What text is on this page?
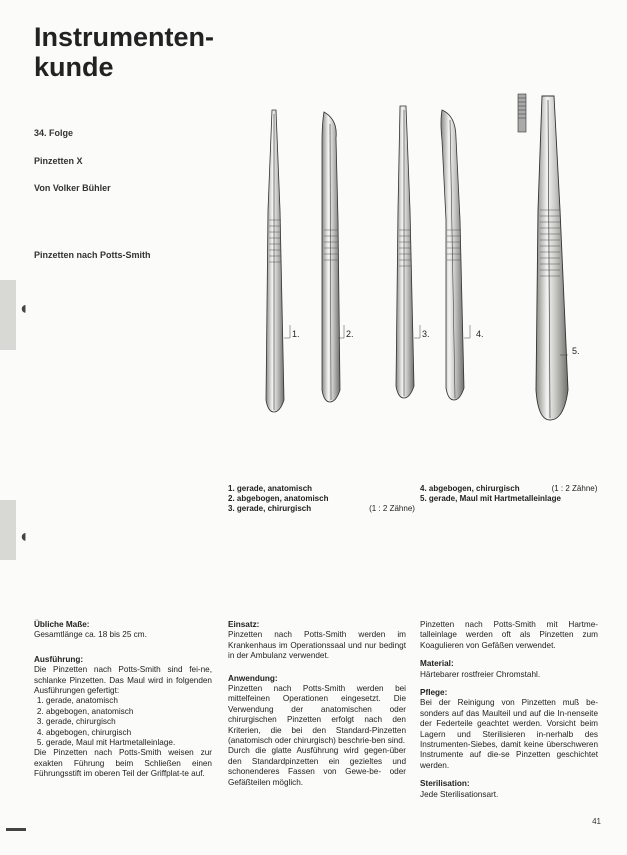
Instrumenten-
kunde
34. Folge
Pinzetten X
Von Volker Bühler
Pinzetten nach Potts-Smith
◖
◖
1.	2.	3.	4.
5.
1. gerade, anatomisch
2. abgebogen, anatomisch
3. gerade, chirurgisch	(1 : 2 Zähne)
4. abgebogen, chirurgisch	(1 : 2 Zähne)
5. gerade, Maul mit Hartmetalleinlage
Übliche Maße:

Gesamtlänge ca. 18 bis 25 cm.

Ausführung:

Die Pinzetten nach Potts-Smith sind fei-ne, schlanke Pinzetten. Das Maul wird in folgenden Ausführungen gefertigt:

1. gerade, anatomisch
2. abgebogen, anatomisch
3. gerade, chirurgisch
4. abgebogen, chirurgisch
5. gerade, Maul mit Hartmetalleinlage.

Die Pinzetten nach Potts-Smith weisen zur exakten Führung beim Schließen einen Führungsstift im oberen Teil der Griffplat-te auf.

Einsatz:

Pinzetten nach Potts-Smith werden im Krankenhaus im Operationssaal und nur bedingt in der Ambulanz verwendet.

Anwendung:

Pinzetten nach Potts-Smith werden bei mittelfeinen Operationen eingesetzt. Die Verwendung der anatomischen oder chirurgischen Pinzetten erfolgt nach den Kriterien, die bei den Standard-Pinzetten (anatomisch oder chirurgisch) beschrie-ben sind.

Durch die glatte Ausführung wird gegen-über den Standardpinzetten ein gezieltes und schonenderes Fassen von Gewe-be- oder Gefäßteilen möglich.

Pinzetten nach Potts-Smith mit Hartme-talleinlage werden oft als Pinzetten zum Koagulieren von Gefäßen verwendet.

Material:

Härtebarer rostfreier Chromstahl.

Pflege:

Bei der Reinigung von Pinzetten muß be-sonders auf das Maulteil und auf die In-nenseite der Federteile geachtet werden. Vorsicht beim Lagern und Sterilisieren in-nerhalb des Instrumenten-Siebes, damit keine überschweren Instrumente auf die-se Pinzetten geschichtet werden.

Sterilisation:

Jede Sterilisationsart.

41
